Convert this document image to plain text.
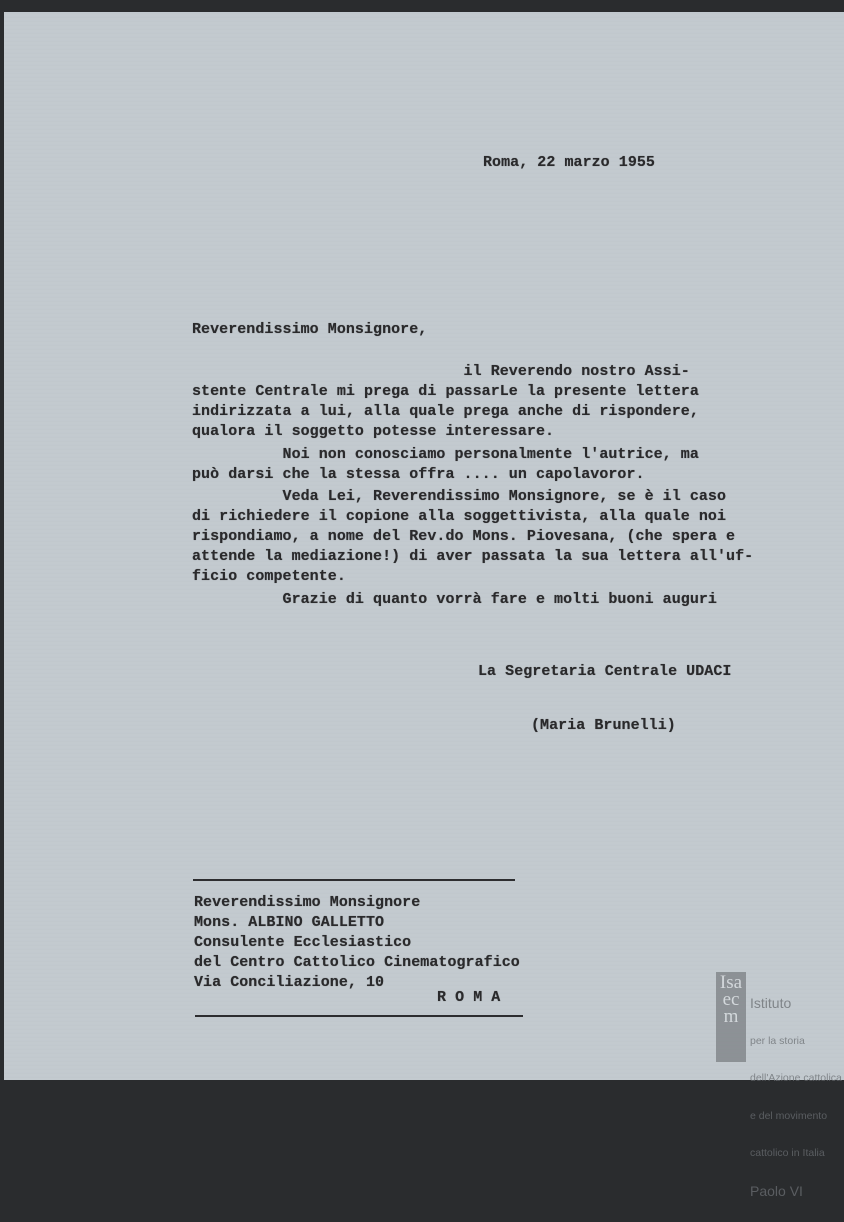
Roma, 22 marzo 1955
Reverendissimo Monsignore,
il Reverendo nostro Assi-
stente Centrale mi prega di passarLe la presente lettera
indirizzata a lui, alla quale prega anche di rispondere,
qualora il soggetto potesse interessare.
Noi non conosciamo personalmente l'autrice, ma
può darsi che la stessa offra .... un capolavoror.
Veda Lei, Reverendissimo Monsignore, se è il caso
di richiedere il copione alla soggettivista, alla quale noi
rispondiamo, a nome del Rev.do Mons. Piovesana, (che spera e
attende la mediazione!) di aver passata la sua lettera all'uf-
ficio competente.
Grazie di quanto vorrà fare e molti buoni auguri
La Segretaria Centrale UDACI
(Maria Brunelli)
Reverendissimo Monsignore
Mons. ALBINO GALLETTO
Consulente Ecclesiastico
del Centro Cattolico Cinematografico
Via Conciliazione, 10
R O M A
Isaecm

Istituto

per la storia

dell'Azione cattolica

e del movimento

cattolico in Italia

Paolo VI
